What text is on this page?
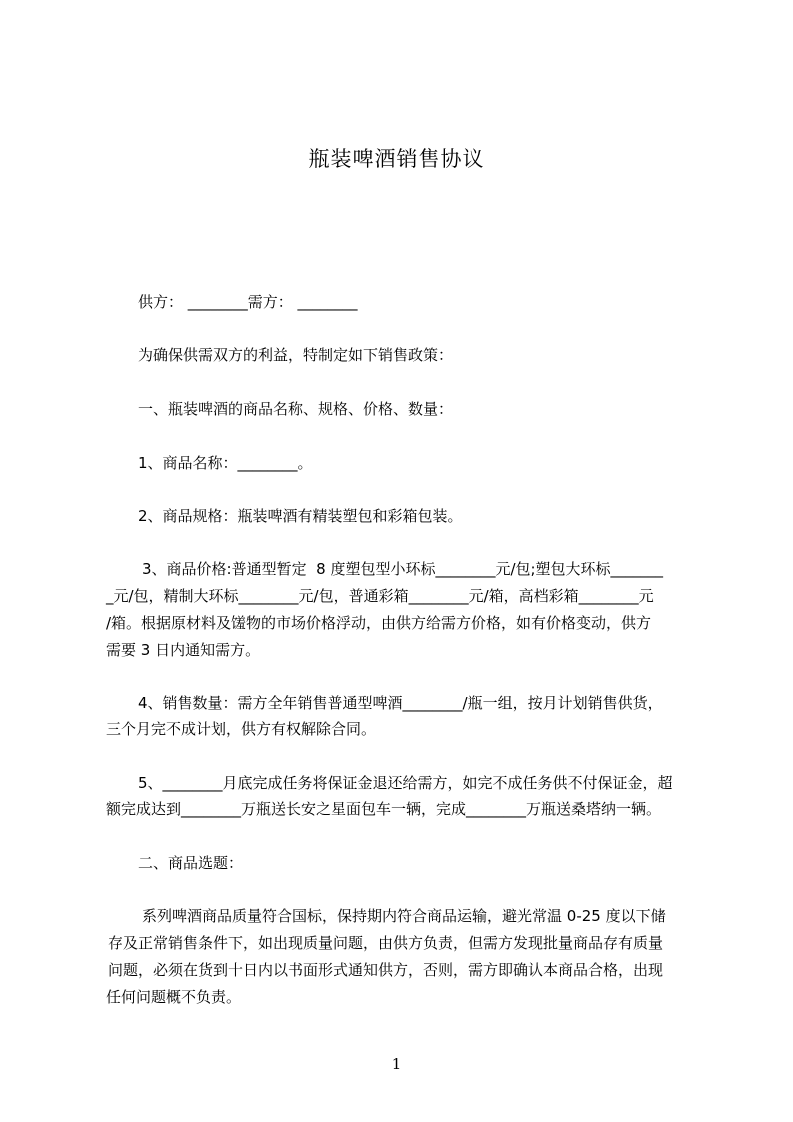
瓶装啤酒销售协议
供方： ________需方： ________
为确保供需双方的利益，特制定如下销售政策：
一、瓶装啤酒的商品名称、规格、价格、数量：
1、商品名称：________。
2、商品规格：瓶装啤酒有精装塑包和彩箱包装。
3、商品价格:普通型暂定  8 度塑包型小环标________元/包;塑包大环标_______
_元/包，精制大环标________元/包，普通彩箱________元/箱，高档彩箱________元
/箱。根据原材料及馐物的市场价格浮动，由供方给需方价格，如有价格变动，供方
需要 3 日内通知需方。
4、销售数量：需方全年销售普通型啤酒________/瓶一组，按月计划销售供货，
三个月完不成计划，供方有权解除合同。
5、________月底完成任务将保证金退还给需方，如完不成任务供不付保证金，超
额完成达到________万瓶送长安之星面包车一辆，完成________万瓶送桑塔纳一辆。
二、商品选题：
系列啤酒商品质量符合国标，保持期内符合商品运输，避光常温 0-25 度以下储
存及正常销售条件下，如出现质量问题，由供方负责，但需方发现批量商品存有质量
问题，必须在货到十日内以书面形式通知供方，否则，需方即确认本商品合格，出现
任何问题概不负责。
1
